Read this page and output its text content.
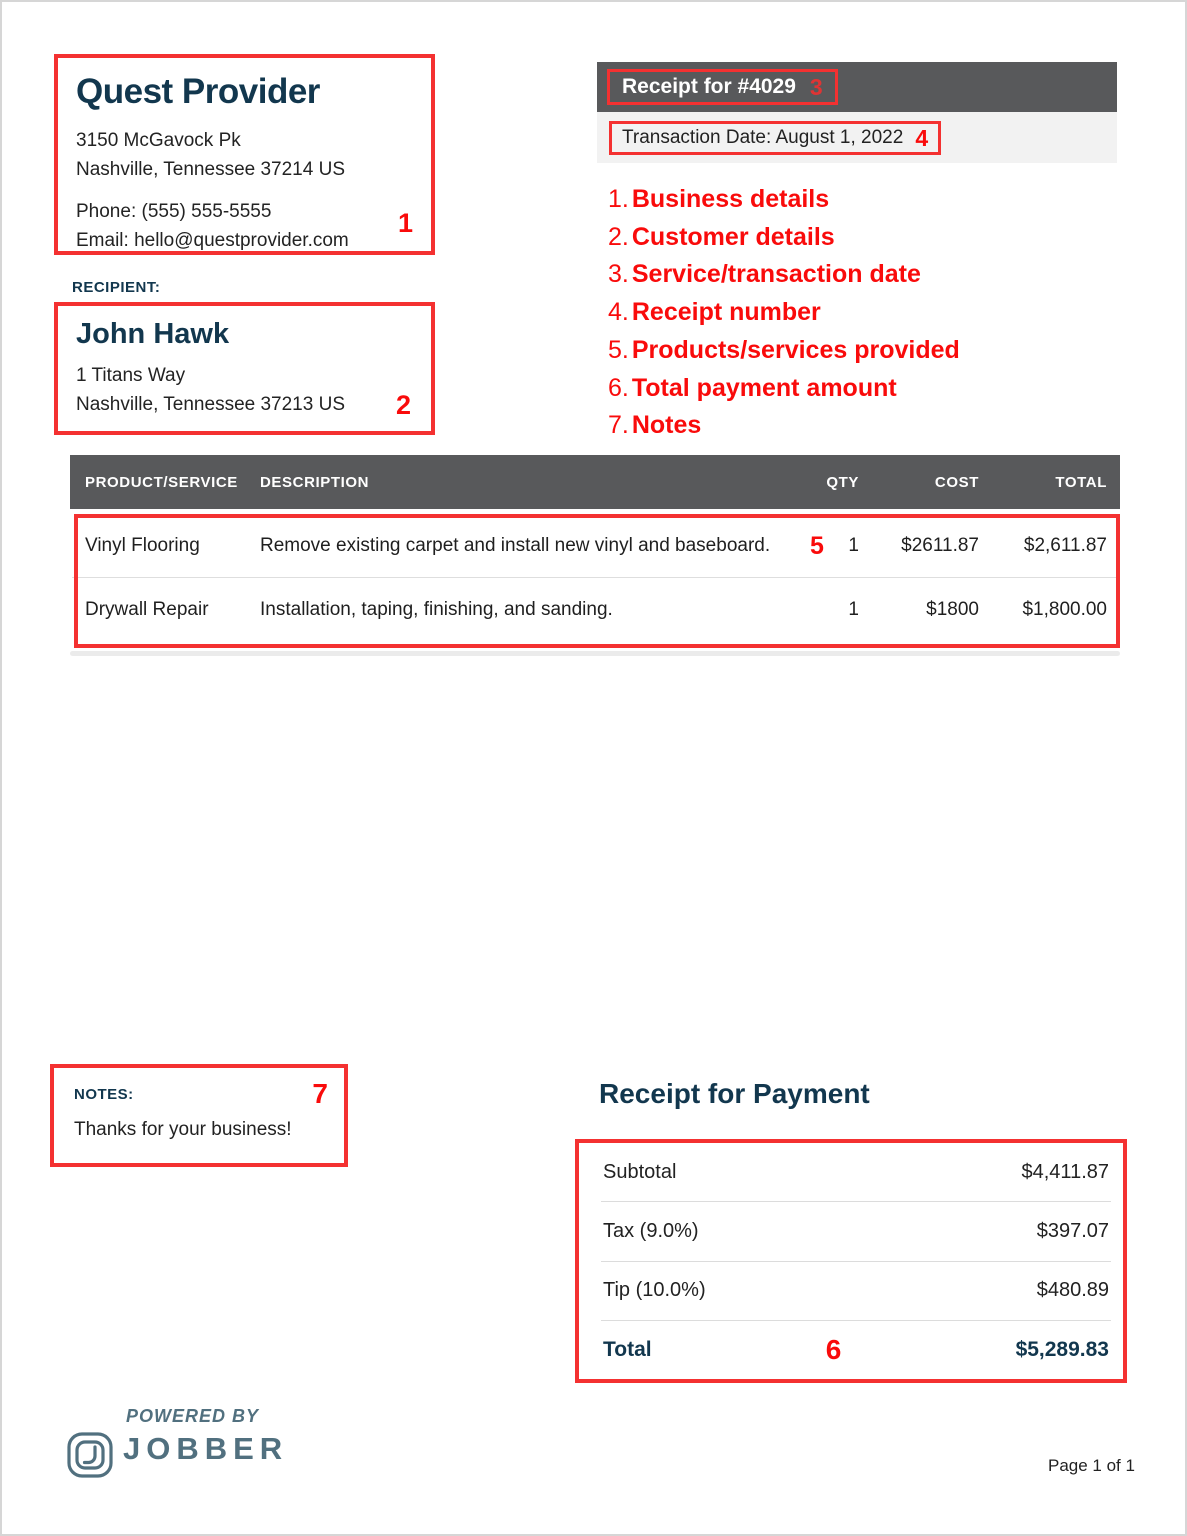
Quest Provider
3150 McGavock Pk
Nashville, Tennessee 37214 US
Phone: (555) 555-5555
Email: hello@questprovider.com
1
RECIPIENT:
John Hawk
1 Titans Way
Nashville, Tennessee 37213 US	2
Receipt for #4029 3
Transaction Date: August 1, 2022 4
1. Business details
2. Customer details
3. Service/transaction date
4. Receipt number
5. Products/services provided
6. Total payment amount
7. Notes
PRODUCT/SERVICE	DESCRIPTION	QTY	COST	TOTAL
Vinyl Flooring	Remove existing carpet and install new vinyl and baseboard.	1	$2611.87	$2,611.87
5
Drywall Repair	Installation, taping, finishing, and sanding.	1	$1800	$1,800.00
NOTES:
Thanks for your business!
7	Receipt for Payment
Subtotal	$4,411.87
Tax (9.0%)	$397.07
Tip (10.0%)	$480.89
Total	6	$5,289.83
POWERED BY
JOBBER	Page 1 of 1
